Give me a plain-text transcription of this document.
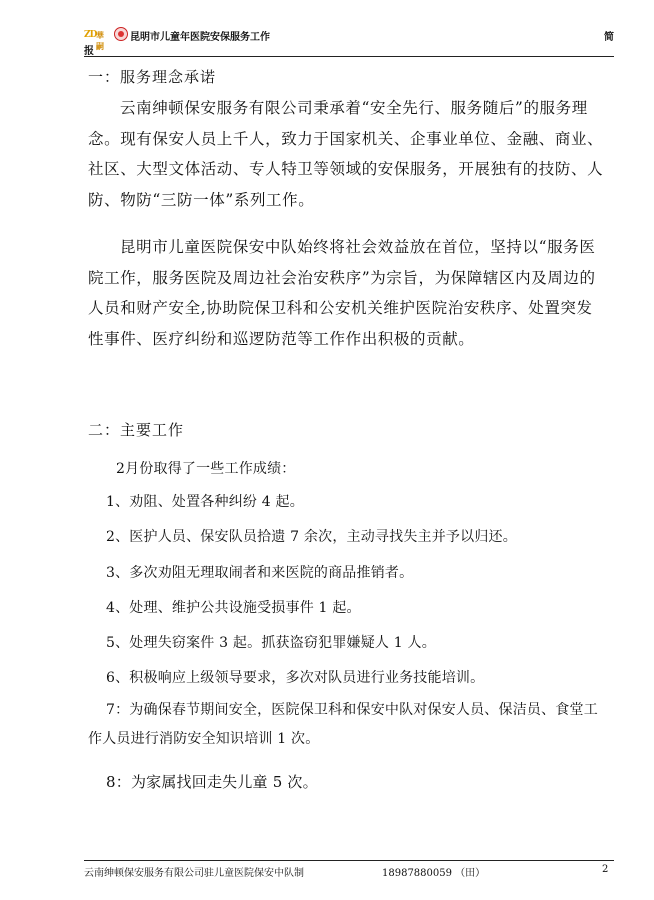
ZD 華 嗣
昆明市儿童年医院安保服务工作	简
报
一：服务理念承诺
云南绅顿保安服务有限公司秉承着“安全先行、服务随后”的服务理念。现有保安人员上千人，致力于国家机关、企事业单位、金融、商业、社区、大型文体活动、专人特卫等领域的安保服务，开展独有的技防、人防、物防“三防一体”系列工作。
昆明市儿童医院保安中队始终将社会效益放在首位，坚持以“服务医院工作，服务医院及周边社会治安秩序”为宗旨，为保障辖区内及周边的人员和财产安全,协助院保卫科和公安机关维护医院治安秩序、处置突发性事件、医疗纠纷和巡逻防范等工作作出积极的贡献。
二：主要工作
2月份取得了一些工作成绩：
1、劝阻、处置各种纠纷 4 起。
2、医护人员、保安队员拾遗 7 余次，主动寻找失主并予以归还。
3、多次劝阻无理取闹者和来医院的商品推销者。
4、处理、维护公共设施受损事件 1 起。
5、处理失窃案件 3 起。抓获盗窃犯罪嫌疑人 1 人。
6、积极响应上级领导要求，多次对队员进行业务技能培训。
7：为确保春节期间安全，医院保卫科和保安中队对保安人员、保洁员、食堂工作人员进行消防安全知识培训 1 次。
8：为家属找回走失儿童 5 次。
云南绅顿保安服务有限公司驻儿童医院保安中队制	18987880059 （田）	2
